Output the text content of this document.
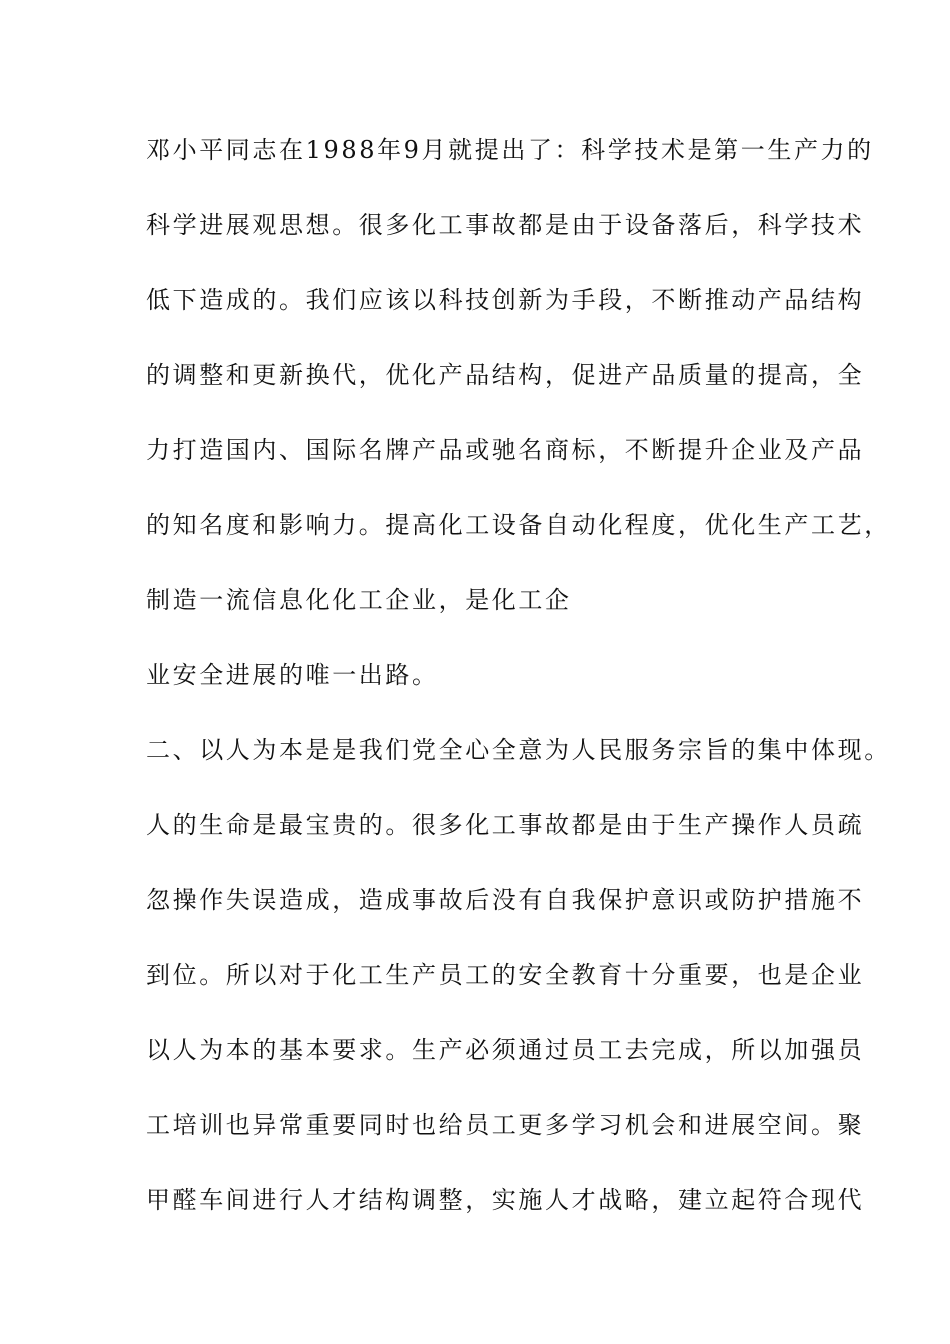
邓小平同志在1988年9月就提出了：科学技术是第一生产力的
科学进展观思想。很多化工事故都是由于设备落后，科学技术
低下造成的。我们应该以科技创新为手段，不断推动产品结构
的调整和更新换代，优化产品结构，促进产品质量的提高，全
力打造国内、国际名牌产品或驰名商标，不断提升企业及产品
的知名度和影响力。提高化工设备自动化程度，优化生产工艺，
制造一流信息化化工企业，是化工企
业安全进展的唯一出路。
二、以人为本是是我们党全心全意为人民服务宗旨的集中体现。
人的生命是最宝贵的。很多化工事故都是由于生产操作人员疏
忽操作失误造成，造成事故后没有自我保护意识或防护措施不
到位。所以对于化工生产员工的安全教育十分重要，也是企业
以人为本的基本要求。生产必须通过员工去完成，所以加强员
工培训也异常重要同时也给员工更多学习机会和进展空间。聚
甲醛车间进行人才结构调整，实施人才战略，建立起符合现代
